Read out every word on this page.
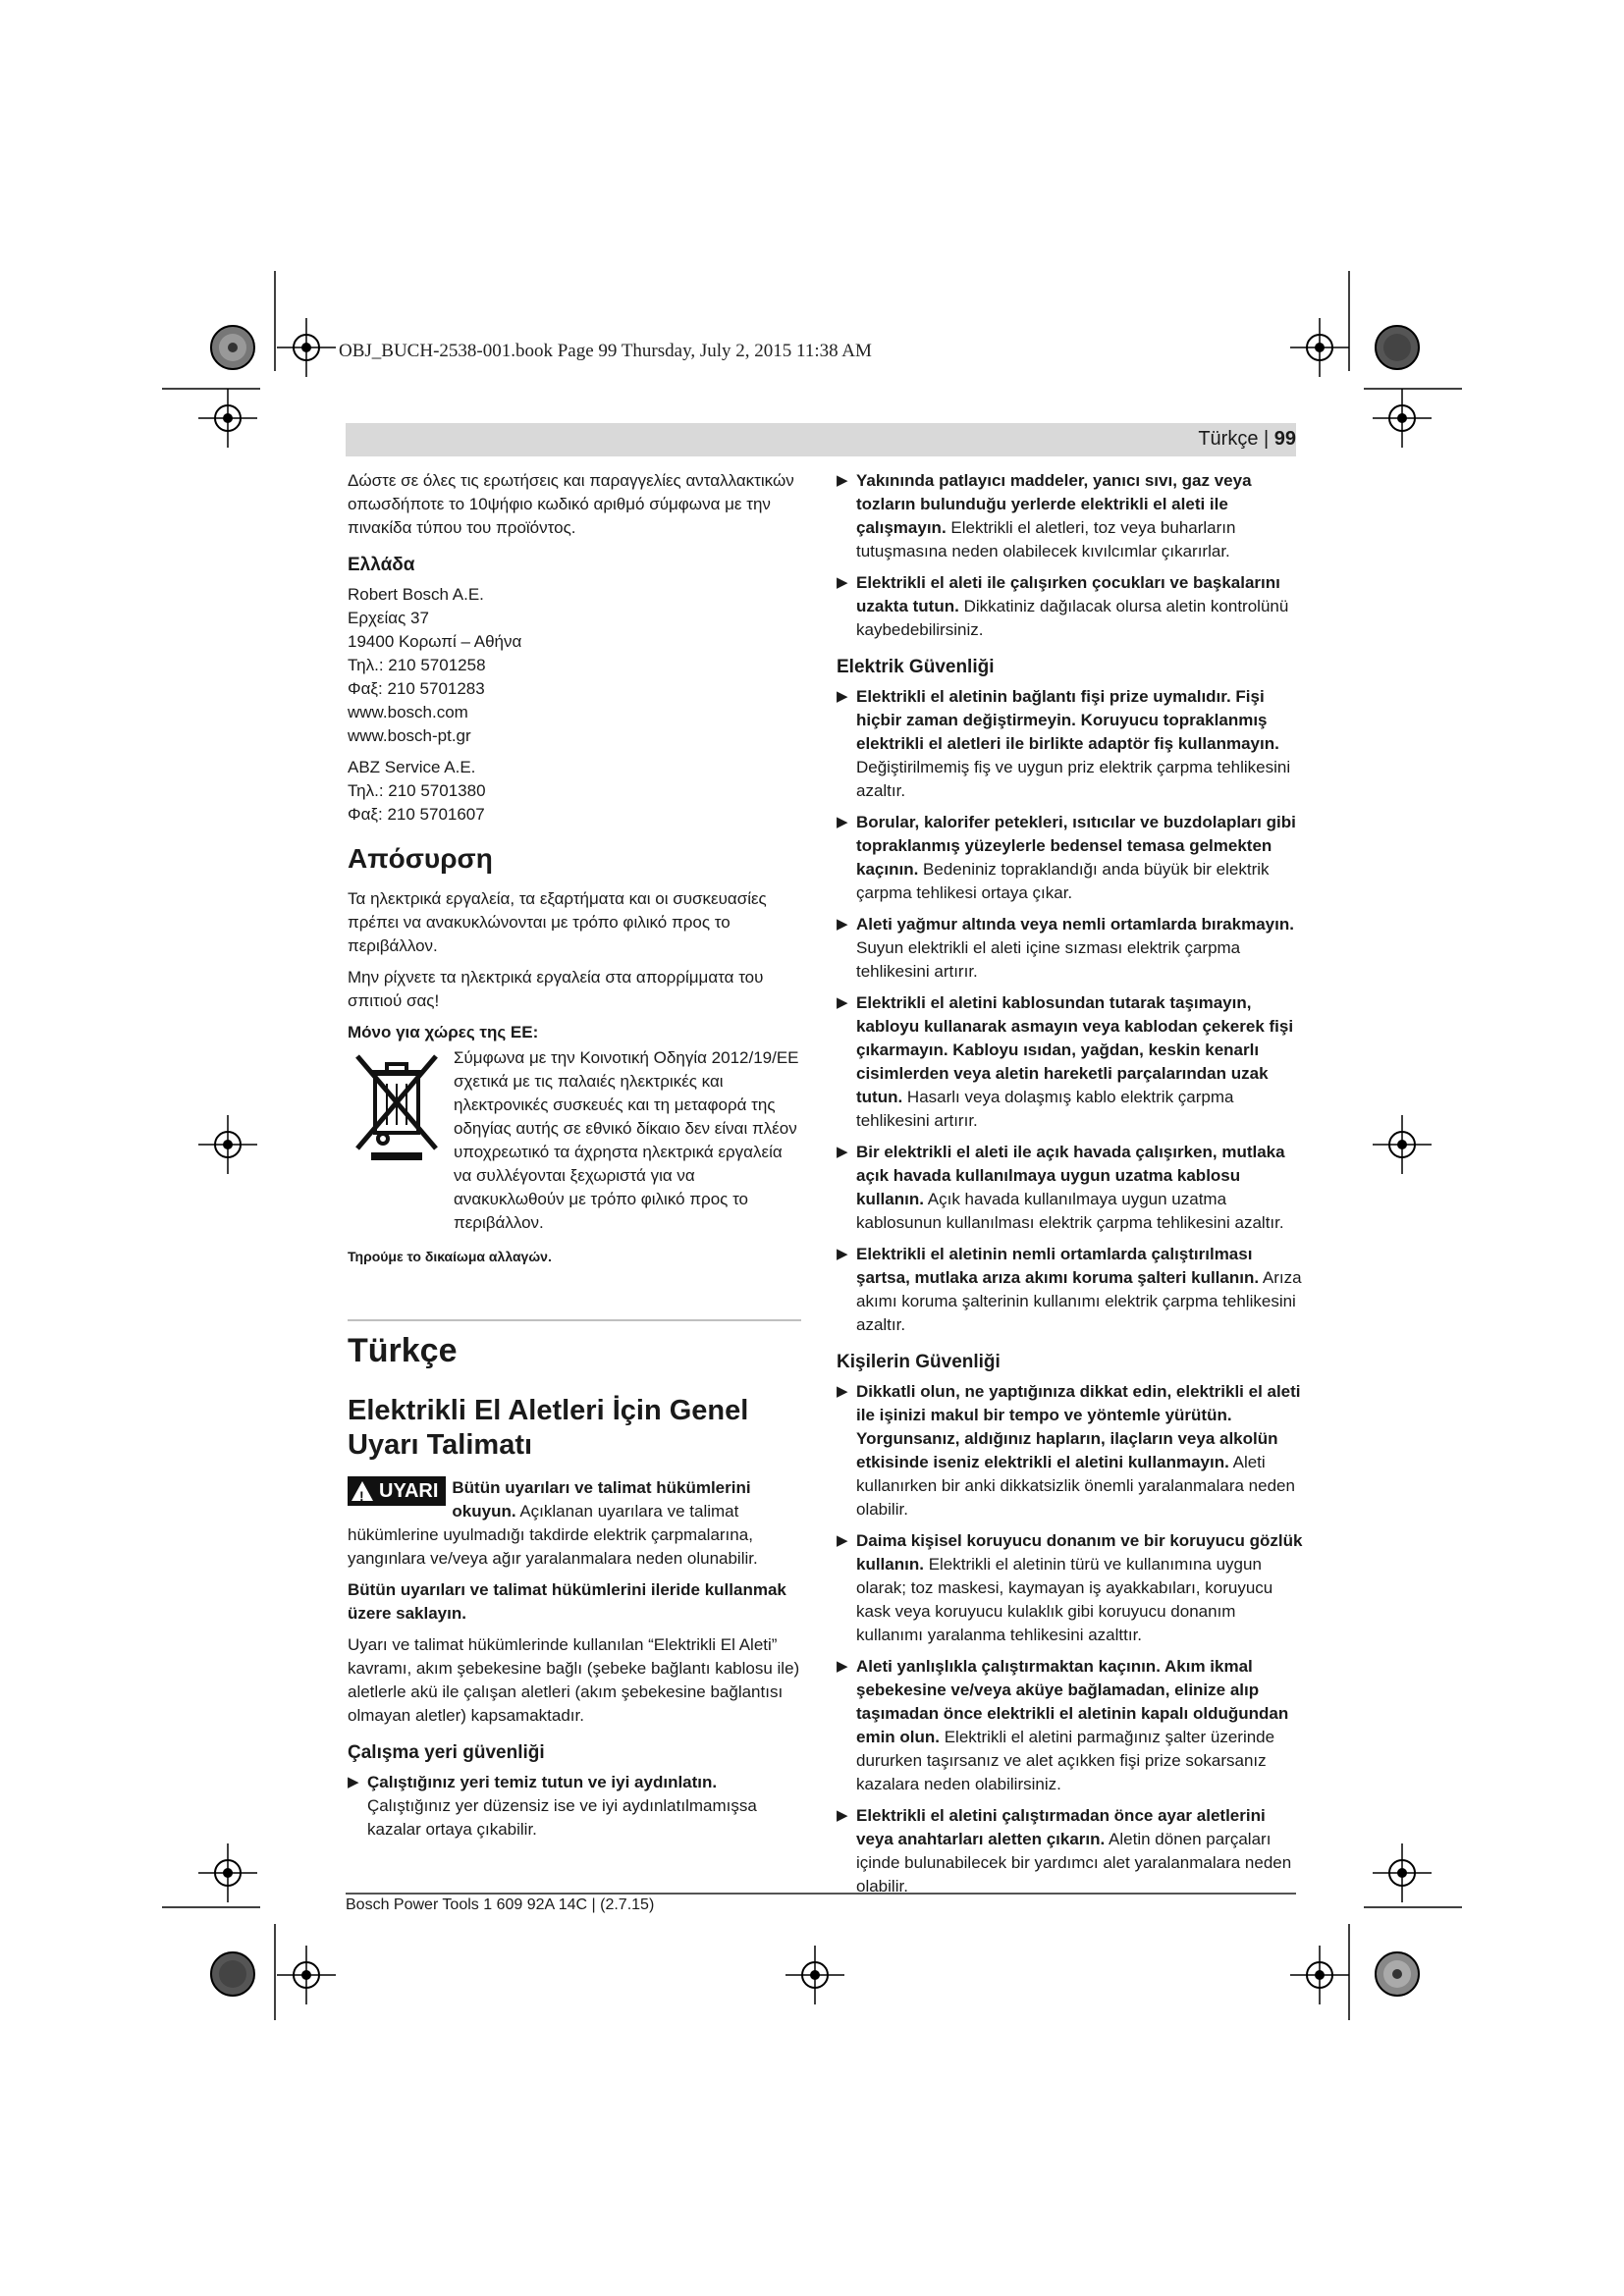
OBJ_BUCH-2538-001.book Page 99 Thursday, July 2, 2015 11:38 AM
Türkçe | 99

Δώστε σε όλες τις ερωτήσεις και παραγγελίες ανταλλακτικών οπωσδήποτε το 10ψήφιο κωδικό αριθμό σύμφωνα με την πινακίδα τύπου του προϊόντος.

Ελλάδα

Robert Bosch A.E.

Ερχείας 37

19400 Κορωπί – Αθήνα

Τηλ.: 210 5701258

Φαξ: 210 5701283

www.bosch.com

www.bosch-pt.gr

ABZ Service A.E.

Τηλ.: 210 5701380

Φαξ: 210 5701607

Απόσυρση

Τα ηλεκτρικά εργαλεία, τα εξαρτήματα και οι συσκευασίες πρέπει να ανακυκλώνονται με τρόπο φιλικό προς το περιβάλλον.

Μην ρίχνετε τα ηλεκτρικά εργαλεία στα απορρίμματα του σπιτιού σας!

Μόνο για χώρες της ΕΕ:
Σύμφωνα με την Κοινοτική Οδηγία 2012/19/ΕΕ σχετικά με τις παλαιές ηλεκτρικές και ηλεκτρονικές συσκευές και τη μεταφορά της οδηγίας αυτής σε εθνικό δίκαιο δεν είναι πλέον υποχρεωτικό τα άχρηστα ηλεκτρικά εργαλεία να συλλέγονται ξεχωριστά για να ανακυκλωθούν με τρόπο φιλικό προς το περιβάλλον.
Τηρούμε το δικαίωμα αλλαγών.
Türkçe
Elektrikli El Aletleri İçin Genel Uyarı Talimatı

!
UYARI Bütün uyarıları ve talimat hükümlerini okuyun. Açıklanan uyarılara ve talimat hükümlerine uyulmadığı takdirde elektrik çarpmalarına, yangınlara ve/veya ağır yaralanmalara neden olunabilir.

Bütün uyarıları ve talimat hükümlerini ileride kullanmak üzere saklayın.

Uyarı ve talimat hükümlerinde kullanılan “Elektrikli El Aleti” kavramı, akım şebekesine bağlı (şebeke bağlantı kablosu ile) aletlerle akü ile çalışan aletleri (akım şebekesine bağlantısı olmayan aletler) kapsamaktadır.

Çalışma yeri güvenliği
▶ Çalıştığınız yeri temiz tutun ve iyi aydınlatın. Çalıştığınız yer düzensiz ise ve iyi aydınlatılmamışsa kazalar ortaya çıkabilir.
▶ Yakınında patlayıcı maddeler, yanıcı sıvı, gaz veya tozların bulunduğu yerlerde elektrikli el aleti ile çalışmayın. Elektrikli el aletleri, toz veya buharların tutuşmasına neden olabilecek kıvılcımlar çıkarırlar.
▶ Elektrikli el aleti ile çalışırken çocukları ve başkalarını uzakta tutun. Dikkatiniz dağılacak olursa aletin kontrolünü kaybedebilirsiniz.
Elektrik Güvenliği
▶ Elektrikli el aletinin bağlantı fişi prize uymalıdır. Fişi hiçbir zaman değiştirmeyin. Koruyucu topraklanmış elektrikli el aletleri ile birlikte adaptör fiş kullanmayın. Değiştirilmemiş fiş ve uygun priz elektrik çarpma tehlikesini azaltır.
▶ Borular, kalorifer petekleri, ısıtıcılar ve buzdolapları gibi topraklanmış yüzeylerle bedensel temasa gelmekten kaçının. Bedeniniz topraklandığı anda büyük bir elektrik çarpma tehlikesi ortaya çıkar.
▶ Aleti yağmur altında veya nemli ortamlarda bırakmayın. Suyun elektrikli el aleti içine sızması elektrik çarpma tehlikesini artırır.
▶ Elektrikli el aletini kablosundan tutarak taşımayın, kabloyu kullanarak asmayın veya kablodan çekerek fişi çıkarmayın. Kabloyu ısıdan, yağdan, keskin kenarlı cisimlerden veya aletin hareketli parçalarından uzak tutun. Hasarlı veya dolaşmış kablo elektrik çarpma tehlikesini artırır.
▶ Bir elektrikli el aleti ile açık havada çalışırken, mutlaka açık havada kullanılmaya uygun uzatma kablosu kullanın. Açık havada kullanılmaya uygun uzatma kablosunun kullanılması elektrik çarpma tehlikesini azaltır.
▶ Elektrikli el aletinin nemli ortamlarda çalıştırılması şartsa, mutlaka arıza akımı koruma şalteri kullanın. Arıza akımı koruma şalterinin kullanımı elektrik çarpma tehlikesini azaltır.
Kişilerin Güvenliği
▶ Dikkatli olun, ne yaptığınıza dikkat edin, elektrikli el aleti ile işinizi makul bir tempo ve yöntemle yürütün. Yorgunsanız, aldığınız hapların, ilaçların veya alkolün etkisinde iseniz elektrikli el aletini kullanmayın. Aleti kullanırken bir anki dikkatsizlik önemli yaralanmalara neden olabilir.
▶ Daima kişisel koruyucu donanım ve bir koruyucu gözlük kullanın. Elektrikli el aletinin türü ve kullanımına uygun olarak; toz maskesi, kaymayan iş ayakkabıları, koruyucu kask veya koruyucu kulaklık gibi koruyucu donanım kullanımı yaralanma tehlikesini azalttır.
▶ Aleti yanlışlıkla çalıştırmaktan kaçının. Akım ikmal şebekesine ve/veya aküye bağlamadan, elinize alıp taşımadan önce elektrikli el aletinin kapalı olduğundan emin olun. Elektrikli el aletini parmağınız şalter üzerinde dururken taşırsanız ve alet açıkken fişi prize sokarsanız kazalara neden olabilirsiniz.
▶ Elektrikli el aletini çalıştırmadan önce ayar aletlerini veya anahtarları aletten çıkarın. Aletin dönen parçaları içinde bulunabilecek bir yardımcı alet yaralanmalara neden olabilir.
Bosch Power Tools 1 609 92A 14C | (2.7.15)
